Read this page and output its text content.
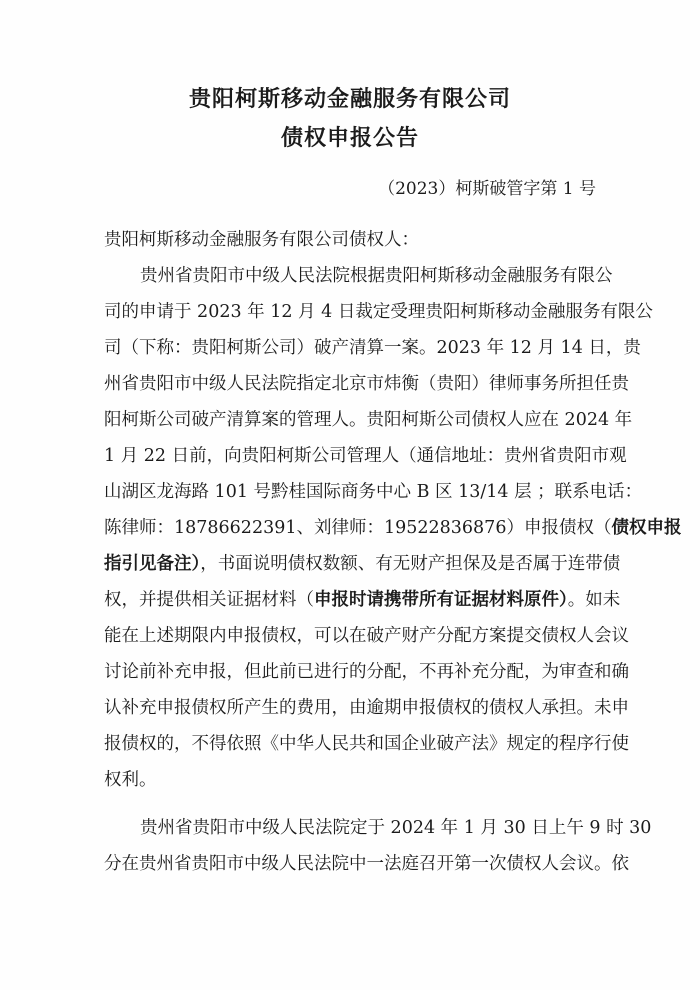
贵阳柯斯移动金融服务有限公司
债权申报公告
（2023）柯斯破管字第 1 号
贵阳柯斯移动金融服务有限公司债权人：
贵州省贵阳市中级人民法院根据贵阳柯斯移动金融服务有限公
司的申请于 2023 年 12 月 4 日裁定受理贵阳柯斯移动金融服务有限公
司（下称：贵阳柯斯公司）破产清算一案。2023 年 12 月 14 日，贵
州省贵阳市中级人民法院指定北京市炜衡（贵阳）律师事务所担任贵
阳柯斯公司破产清算案的管理人。贵阳柯斯公司债权人应在 2024 年
1 月 22 日前，向贵阳柯斯公司管理人（通信地址：贵州省贵阳市观
山湖区龙海路 101 号黔桂国际商务中心 B 区 13/14 层 ；联系电话：
陈律师：18786622391、刘律师：19522836876）申报债权（债权申报
指引见备注），书面说明债权数额、有无财产担保及是否属于连带债
权，并提供相关证据材料（申报时请携带所有证据材料原件）。如未
能在上述期限内申报债权，可以在破产财产分配方案提交债权人会议
讨论前补充申报，但此前已进行的分配，不再补充分配，为审查和确
认补充申报债权所产生的费用，由逾期申报债权的债权人承担。未申
报债权的，不得依照《中华人民共和国企业破产法》规定的程序行使
权利。
贵州省贵阳市中级人民法院定于 2024 年 1 月 30 日上午 9 时 30
分在贵州省贵阳市中级人民法院中一法庭召开第一次债权人会议。依
